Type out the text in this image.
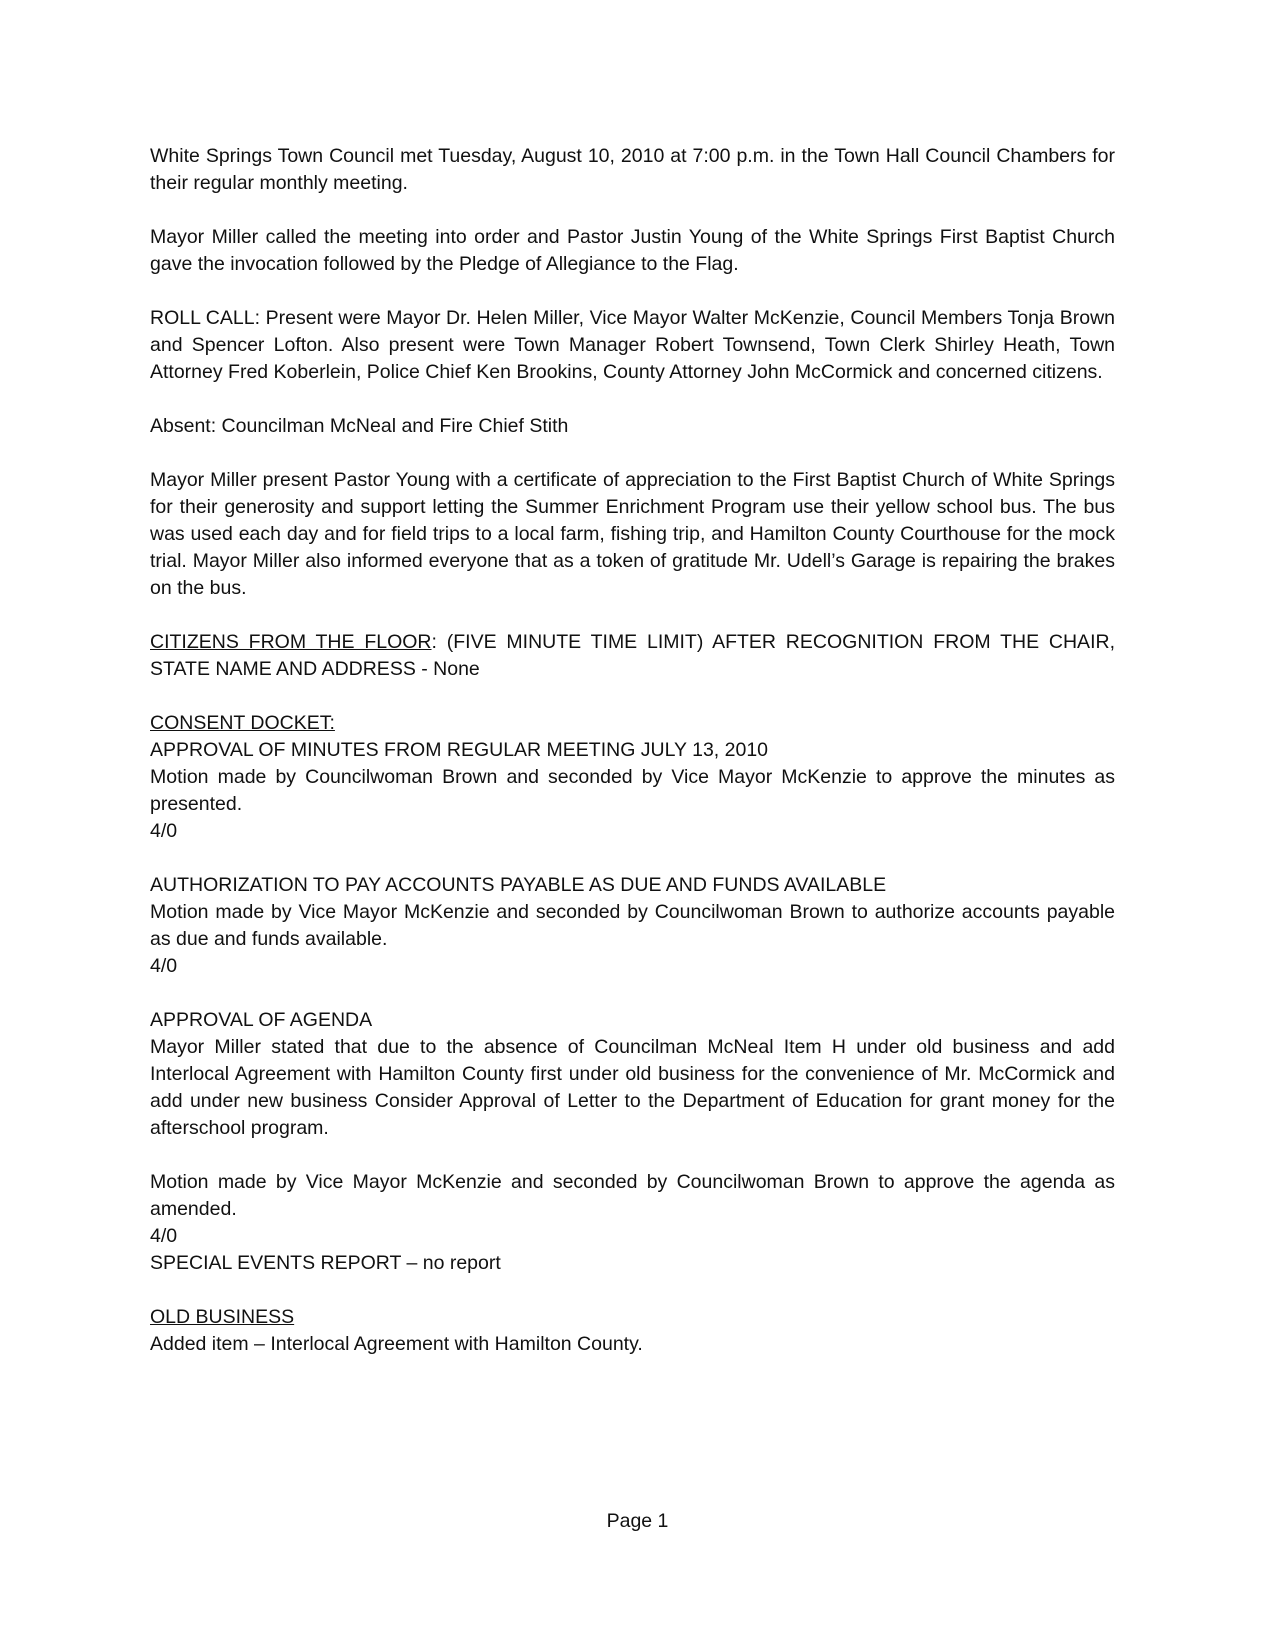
White Springs Town Council met Tuesday, August 10, 2010 at 7:00 p.m. in the Town Hall Council Chambers for their regular monthly meeting.

Mayor Miller called the meeting into order and Pastor Justin Young of the White Springs First Baptist Church gave the invocation followed by the Pledge of Allegiance to the Flag.

ROLL CALL: Present were Mayor Dr. Helen Miller, Vice Mayor Walter McKenzie, Council Members Tonja Brown and Spencer Lofton. Also present were Town Manager Robert Townsend, Town Clerk Shirley Heath, Town Attorney Fred Koberlein, Police Chief Ken Brookins, County Attorney John McCormick and concerned citizens.

Absent: Councilman McNeal and Fire Chief Stith

Mayor Miller present Pastor Young with a certificate of appreciation to the First Baptist Church of White Springs for their generosity and support letting the Summer Enrichment Program use their yellow school bus. The bus was used each day and for field trips to a local farm, fishing trip, and Hamilton County Courthouse for the mock trial. Mayor Miller also informed everyone that as a token of gratitude Mr. Udell’s Garage is repairing the brakes on the bus.

CITIZENS FROM THE FLOOR: (FIVE MINUTE TIME LIMIT) AFTER RECOGNITION FROM THE CHAIR, STATE NAME AND ADDRESS - None

CONSENT DOCKET:
APPROVAL OF MINUTES FROM REGULAR MEETING JULY 13, 2010
Motion made by Councilwoman Brown and seconded by Vice Mayor McKenzie to approve the minutes as presented.
4/0
AUTHORIZATION TO PAY ACCOUNTS PAYABLE AS DUE AND FUNDS AVAILABLE
Motion made by Vice Mayor McKenzie and seconded by Councilwoman Brown to authorize accounts payable as due and funds available.
4/0
APPROVAL OF AGENDA
Mayor Miller stated that due to the absence of Councilman McNeal Item H under old business and add Interlocal Agreement with Hamilton County first under old business for the convenience of Mr. McCormick and add under new business Consider Approval of Letter to the Department of Education for grant money for the afterschool program.
Motion made by Vice Mayor McKenzie and seconded by Councilwoman Brown to approve the agenda as amended.
4/0
SPECIAL EVENTS REPORT – no report
OLD BUSINESS
Added item – Interlocal Agreement with Hamilton County.
Page 1
